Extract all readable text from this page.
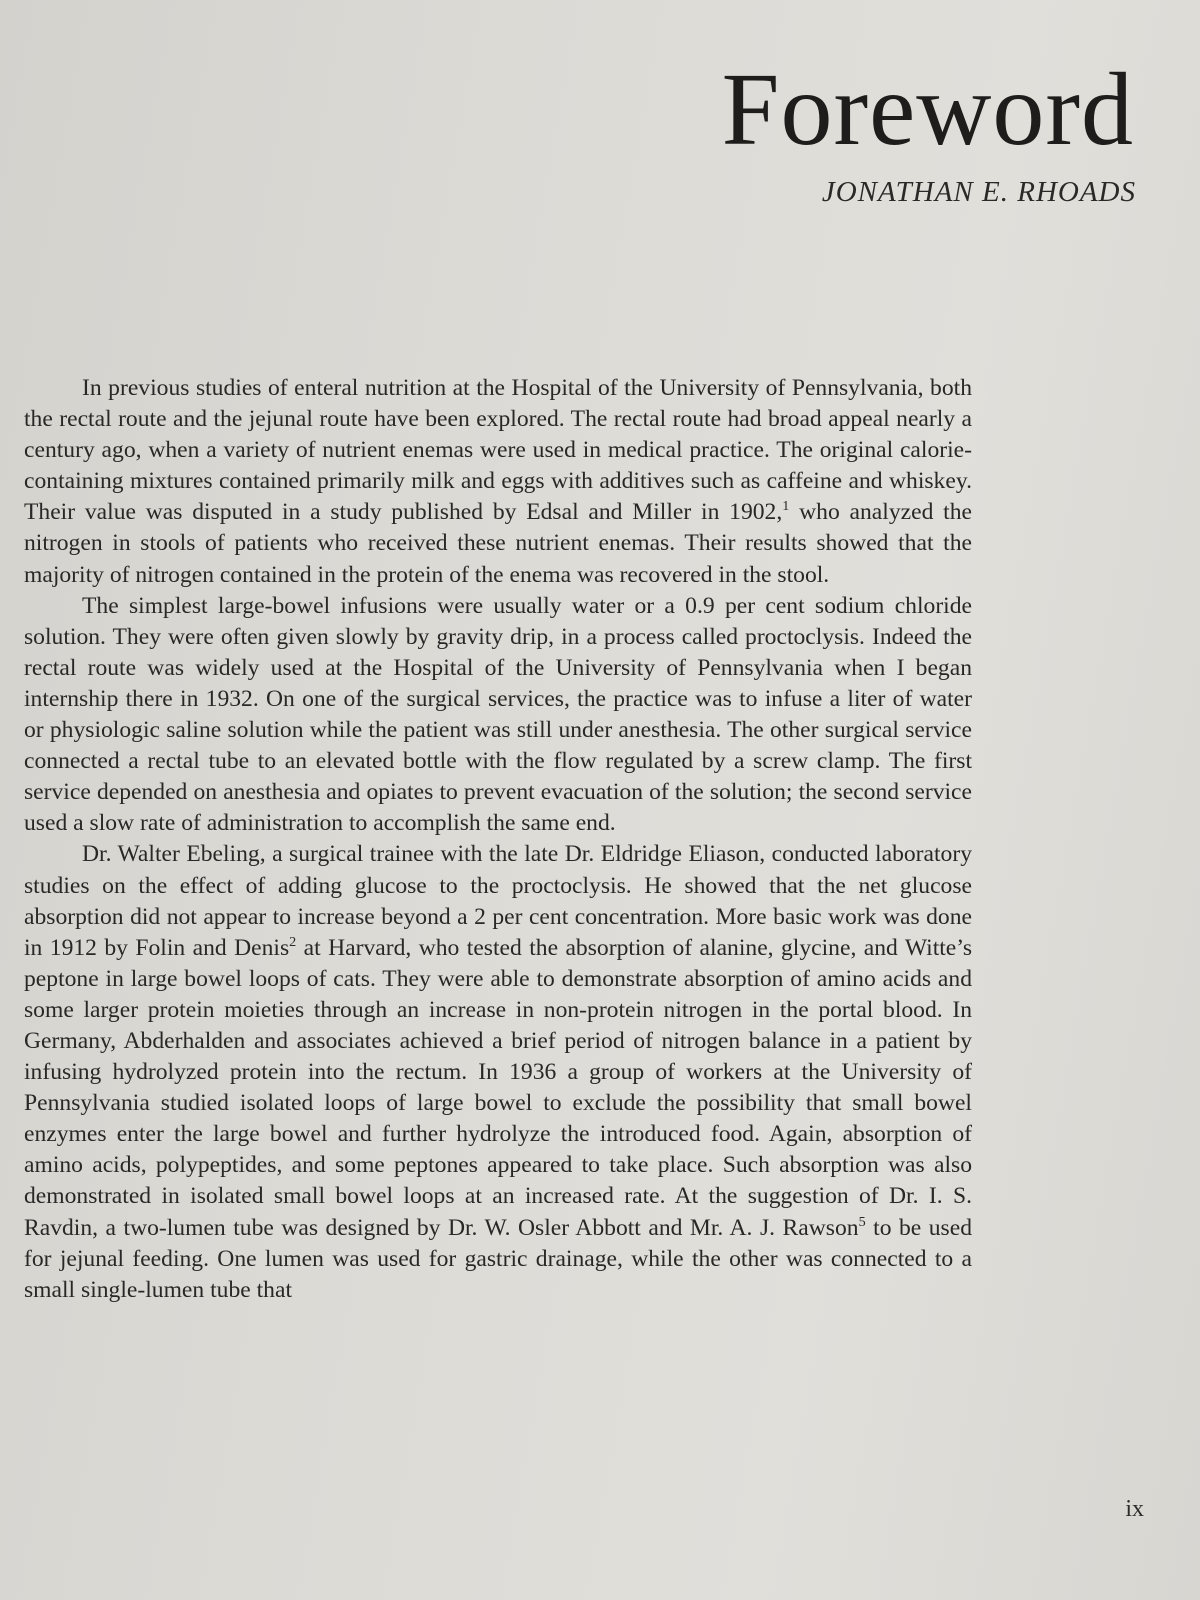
Foreword

JONATHAN E. RHOADS

In previous studies of enteral nutrition at the Hospital of the University of Pennsylvania, both the rectal route and the jejunal route have been explored. The rectal route had broad appeal nearly a century ago, when a variety of nutrient enemas were used in medical practice. The original calorie-containing mixtures contained primarily milk and eggs with additives such as caffeine and whiskey. Their value was disputed in a study published by Edsal and Miller in 1902,$^1$ who analyzed the nitrogen in stools of patients who received these nutrient enemas. Their results showed that the majority of nitrogen contained in the protein of the enema was recovered in the stool.

The simplest large-bowel infusions were usually water or a 0.9 per cent sodium chloride solution. They were often given slowly by gravity drip, in a process called proctoclysis. Indeed the rectal route was widely used at the Hospital of the University of Pennsylvania when I began internship there in 1932. On one of the surgical services, the practice was to infuse a liter of water or physiologic saline solution while the patient was still under anesthesia. The other surgical service connected a rectal tube to an elevated bottle with the flow regulated by a screw clamp. The first service depended on anesthesia and opiates to prevent evacuation of the solution; the second service used a slow rate of administration to accomplish the same end.

Dr. Walter Ebeling, a surgical trainee with the late Dr. Eldridge Eliason, conducted laboratory studies on the effect of adding glucose to the proctoclysis. He showed that the net glucose absorption did not appear to increase beyond a 2 per cent concentration. More basic work was done in 1912 by Folin and Denis$^2$ at Harvard, who tested the absorption of alanine, glycine, and Witte’s peptone in large bowel loops of cats. They were able to demonstrate absorption of amino acids and some larger protein moieties through an increase in non-protein nitrogen in the portal blood. In Germany, Abderhalden and associates achieved a brief period of nitrogen balance in a patient by infusing hydrolyzed protein into the rectum. In 1936 a group of workers at the University of Pennsylvania studied isolated loops of large bowel to exclude the possibility that small bowel enzymes enter the large bowel and further hydrolyze the introduced food. Again, absorption of amino acids, polypeptides, and some peptones appeared to take place. Such absorption was also demonstrated in isolated small bowel loops at an increased rate. At the suggestion of Dr. I. S. Ravdin, a two-lumen tube was designed by Dr. W. Osler Abbott and Mr. A. J. Rawson$^5$ to be used for jejunal feeding. One lumen was used for gastric drainage, while the other was connected to a small single-lumen tube that

ix
